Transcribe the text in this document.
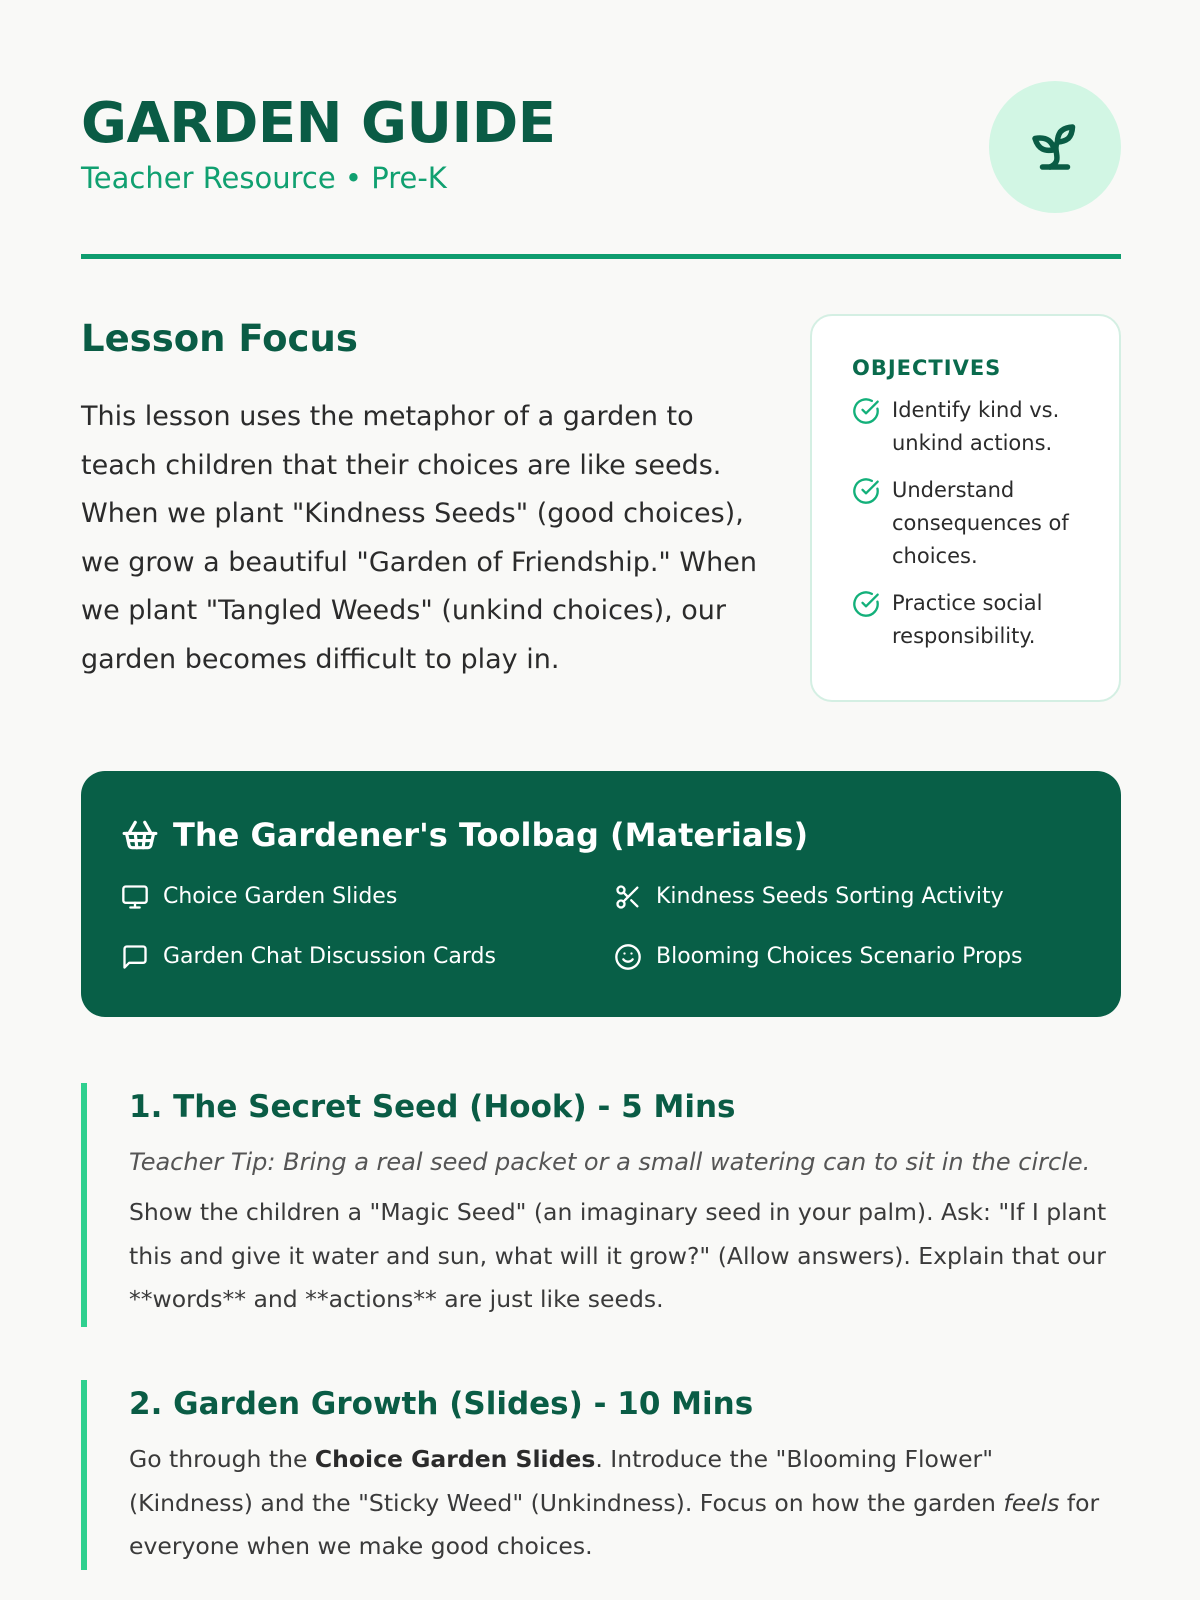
GARDEN GUIDE
Teacher Resource • Pre-K
Lesson Focus
This lesson uses the metaphor of a garden to teach children that their choices are like seeds. When we plant "Kindness Seeds" (good choices), we grow a beautiful "Garden of Friendship." When we plant "Tangled Weeds" (unkind choices), our garden becomes difficult to play in.
OBJECTIVES
Identify kind vs. unkind actions.
Understand consequences of choices.
Practice social responsibility.
The Gardener's Toolbag (Materials)
Choice Garden Slides	Kindness Seeds Sorting Activity
Garden Chat Discussion Cards	Blooming Choices Scenario Props
1. The Secret Seed (Hook) - 5 Mins
Teacher Tip: Bring a real seed packet or a small watering can to sit in the circle.
Show the children a "Magic Seed" (an imaginary seed in your palm). Ask: "If I plant this and give it water and sun, what will it grow?" (Allow answers). Explain that our **words** and **actions** are just like seeds.
2. Garden Growth (Slides) - 10 Mins
Go through the Choice Garden Slides. Introduce the "Blooming Flower" (Kindness) and the "Sticky Weed" (Unkindness). Focus on how the garden feels for everyone when we make good choices.
